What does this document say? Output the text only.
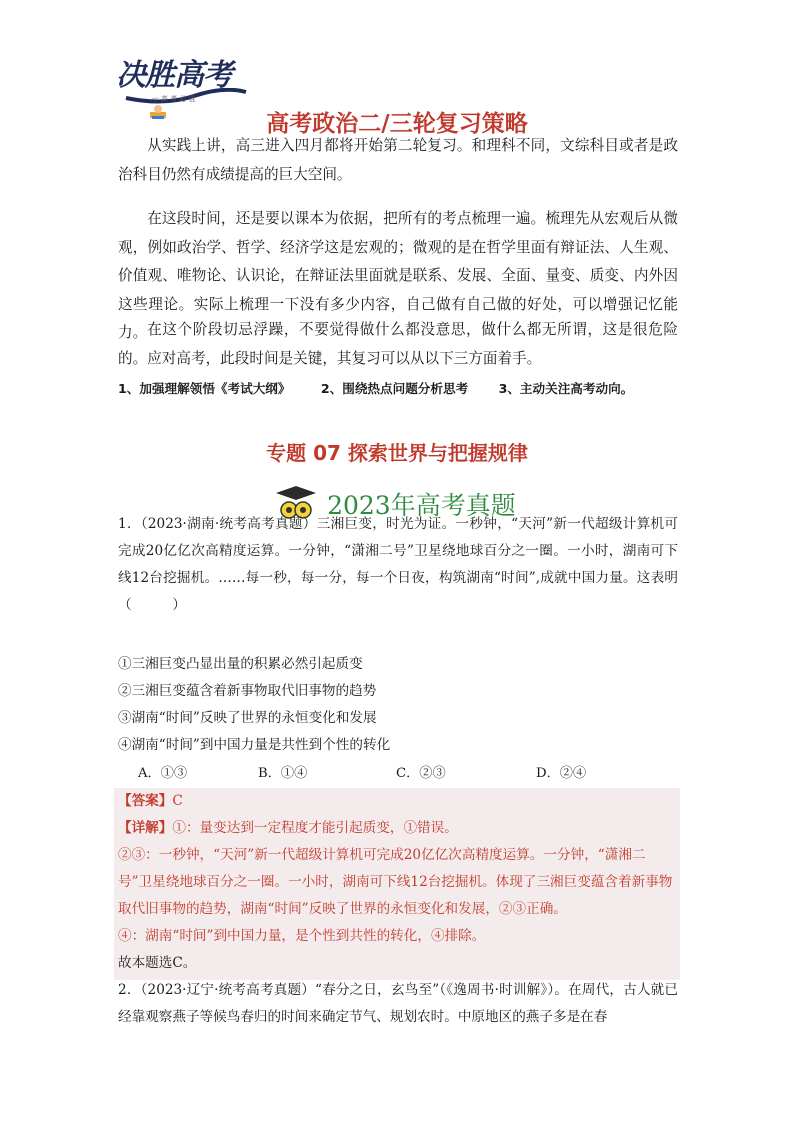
决胜高考
ㅡ 高 考 必 胜
高考政治二/三轮复习策略

从实践上讲，高三进入四月都将开始第二轮复习。和理科不同，文综科目或者是政治科目仍然有成绩提高的巨大空间。

在这段时间，还是要以课本为依据，把所有的考点梳理一遍。梳理先从宏观后从微观，例如政治学、哲学、经济学这是宏观的；微观的是在哲学里面有辩证法、人生观、价值观、唯物论、认识论，在辩证法里面就是联系、发展、全面、量变、质变、内外因这些理论。实际上梳理一下没有多少内容，自己做有自己做的好处，可以增强记忆能力。 在这个阶段切忌浮躁，不要觉得做什么都没意思，做什么都无所谓，这是很危险的。应对高考，此段时间是关键，其复习可以从以下三方面着手。

1、加强理解领悟《考试大纲》 2、围绕热点问题分析思考 3、主动关注高考动向。
专题 07 探索世界与把握规律
2023年高考真题

1．（2023·湖南·统考高考真题）三湘巨变，时光为证。一秒钟，“天河”新一代超级计算机可完成20亿亿次高精度运算。一分钟，“潇湘二号”卫星绕地球百分之一圈。一小时，湖南可下线12台挖掘机。……每一秒，每一分，每一个日夜，构筑湖南“时间”,成就中国力量。这表明（　　　）

①三湘巨变凸显出量的积累必然引起质变
②三湘巨变蕴含着新事物取代旧事物的趋势
③湖南“时间”反映了世界的永恒变化和发展
④湖南“时间”到中国力量是共性到个性的转化
A．①③	B．①④	C．②③	D．②④
【答案】C
【详解】①：量变达到一定程度才能引起质变，①错误。
②③：一秒钟，“天河”新一代超级计算机可完成20亿亿次高精度运算。一分钟，“潇湘二号”卫星绕地球百分之一圈。一小时，湖南可下线12台挖掘机。体现了三湘巨变蕴含着新事物取代旧事物的趋势，湖南“时间”反映了世界的永恒变化和发展，②③正确。
④：湖南“时间”到中国力量，是个性到共性的转化，④排除。
故本题选C。

2．（2023·辽宁·统考高考真题）“春分之日，玄鸟至”（《逸周书·时训解》）。在周代，古人就已经靠观察燕子等候鸟春归的时间来确定节气、规划农时。中原地区的燕子多是在春
